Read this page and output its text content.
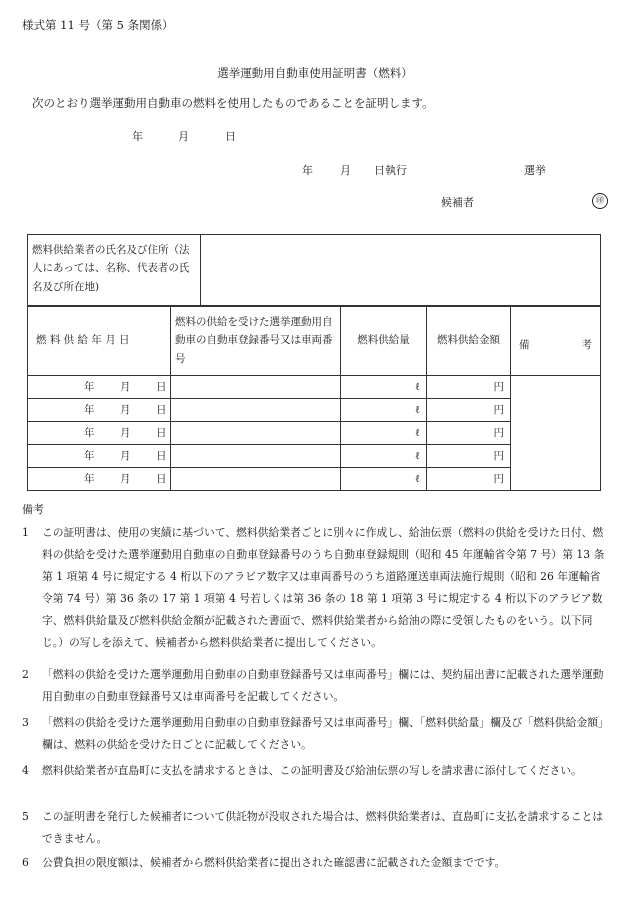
様式第 11 号（第 5 条関係）
選挙運動用自動車使用証明書（燃料）
次のとおり選挙運動用自動車の燃料を使用したものであることを証明します。
年	月	日
年 月 日執行	選挙
候補者	㊞
燃料供給業者の氏名及び住所（法人にあっては、名称、代表者の氏名及び所在地)	
燃 料 供 給 年 月 日	燃料の供給を受けた選挙運動用自動車の自動車登録番号又は車両番号	燃料供給量	燃料供給金額	備 考

年 月 日		ℓ	円	

年 月 日		ℓ	円	

年 月 日		ℓ	円	

年 月 日		ℓ	円	

年 月 日		ℓ	円	
備考
1 この証明書は、使用の実績に基づいて、燃料供給業者ごとに別々に作成し、給油伝票（燃料の供給を受けた日付、燃料の供給を受けた選挙運動用自動車の自動車登録番号のうち自動車登録規則（昭和 45 年運輸省令第 7 号）第 13 条第 1 項第 4 号に規定する 4 桁以下のアラビア数字又は車両番号のうち道路運送車両法施行規則（昭和 26 年運輸省令第 74 号）第 36 条の 17 第 1 項第 4 号若しくは第 36 条の 18 第 1 項第 3 号に規定する 4 桁以下のアラビア数字、燃料供給量及び燃料供給金額が記載された書面で、燃料供給業者から給油の際に受領したものをいう。以下同じ。）の写しを添えて、候補者から燃料供給業者に提出してください。
2 「燃料の供給を受けた選挙運動用自動車の自動車登録番号又は車両番号」欄には、契約届出書に記載された選挙運動用自動車の自動車登録番号又は車両番号を記載してください。
3 「燃料の供給を受けた選挙運動用自動車の自動車登録番号又は車両番号」欄、「燃料供給量」欄及び「燃料供給金額」欄は、燃料の供給を受けた日ごとに記載してください。
4 燃料供給業者が直島町に支払を請求するときは、この証明書及び給油伝票の写しを請求書に添付してください。
5 この証明書を発行した候補者について供託物が没収された場合は、燃料供給業者は、直島町に支払を請求することはできません。
6 公費負担の限度額は、候補者から燃料供給業者に提出された確認書に記載された金額までです。
